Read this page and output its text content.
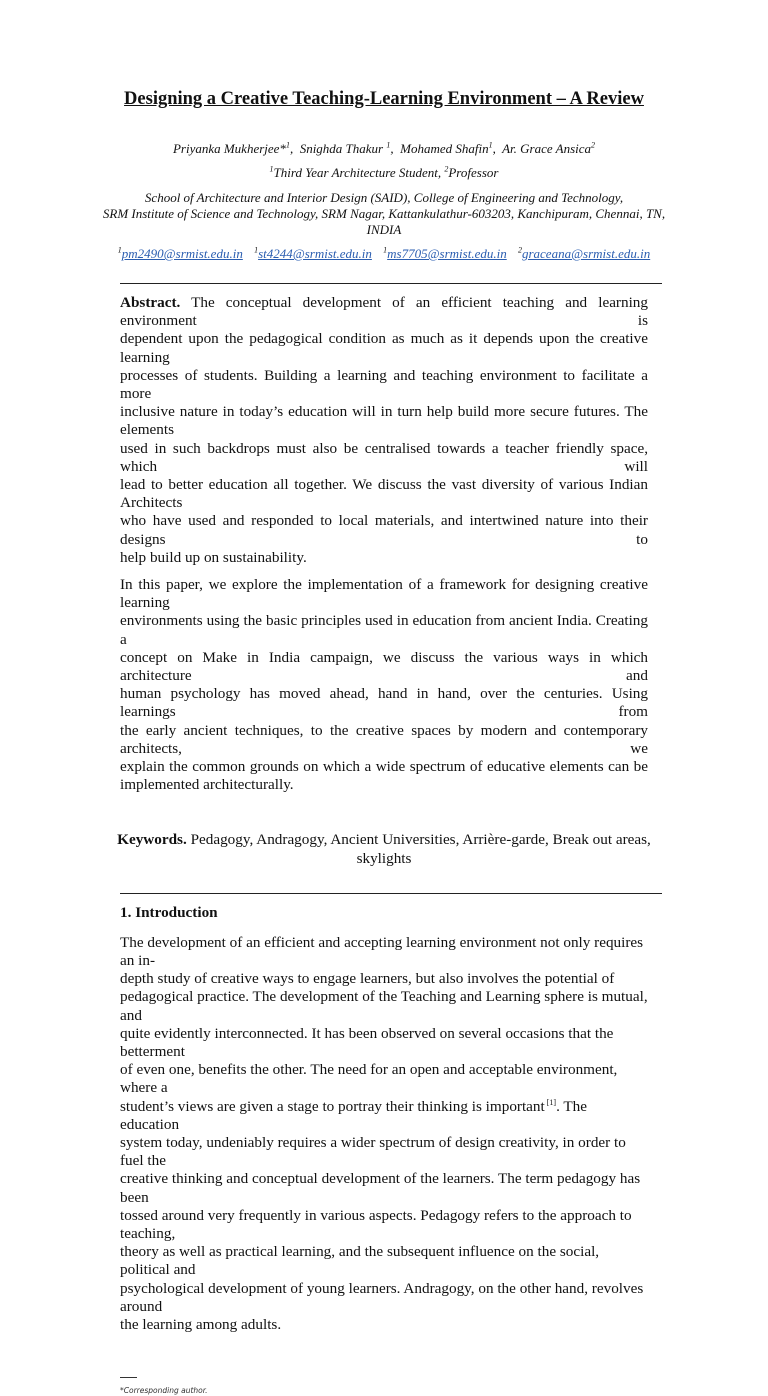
Designing a Creative Teaching-Learning Environment – A Review
Priyanka Mukherjee*$^1$,  Snighda Thakur $^1$,  Mohamed Shafin$^1$,  Ar. Grace Ansica$^2$
$^1$Third Year Architecture Student, $^2$Professor
School of Architecture and Interior Design (SAID), College of Engineering and Technology,
SRM Institute of Science and Technology, SRM Nagar, Kattankulathur-603203, Kanchipuram, Chennai, TN,
INDIA
$^1$pm2490@srmist.edu.in $^1$st4244@srmist.edu.in $^1$ms7705@srmist.edu.in $^2$graceana@srmist.edu.in
Abstract. The conceptual development of an efficient teaching and learning environment is
dependent upon the pedagogical condition as much as it depends upon the creative learning
processes of students. Building a learning and teaching environment to facilitate a more
inclusive nature in today’s education will in turn help build more secure futures. The elements
used in such backdrops must also be centralised towards a teacher friendly space, which will
lead to better education all together. We discuss the vast diversity of various Indian Architects
who have used and responded to local materials, and intertwined nature into their designs to
help build up on sustainability.
In this paper, we explore the implementation of a framework for designing creative learning
environments using the basic principles used in education from ancient India. Creating a
concept on Make in India campaign, we discuss the various ways in which architecture and
human psychology has moved ahead, hand in hand, over the centuries. Using learnings from
the early ancient techniques, to the creative spaces by modern and contemporary architects, we
explain the common grounds on which a wide spectrum of educative elements can be
implemented architecturally.
Keywords. Pedagogy, Andragogy, Ancient Universities, Arrière-garde, Break out areas,
skylights
1. Introduction
The development of an efficient and accepting learning environment not only requires an in-
depth study of creative ways to engage learners, but also involves the potential of
pedagogical practice. The development of the Teaching and Learning sphere is mutual, and
quite evidently interconnected. It has been observed on several occasions that the betterment
of even one, benefits the other. The need for an open and acceptable environment, where a
student’s views are given a stage to portray their thinking is important [1]. The education
system today, undeniably requires a wider spectrum of design creativity, in order to fuel the
creative thinking and conceptual development of the learners. The term pedagogy has been
tossed around very frequently in various aspects. Pedagogy refers to the approach to teaching,
theory as well as practical learning, and the subsequent influence on the social, political and
psychological development of young learners. Andragogy, on the other hand, revolves around
the learning among adults.
*Corresponding author.
